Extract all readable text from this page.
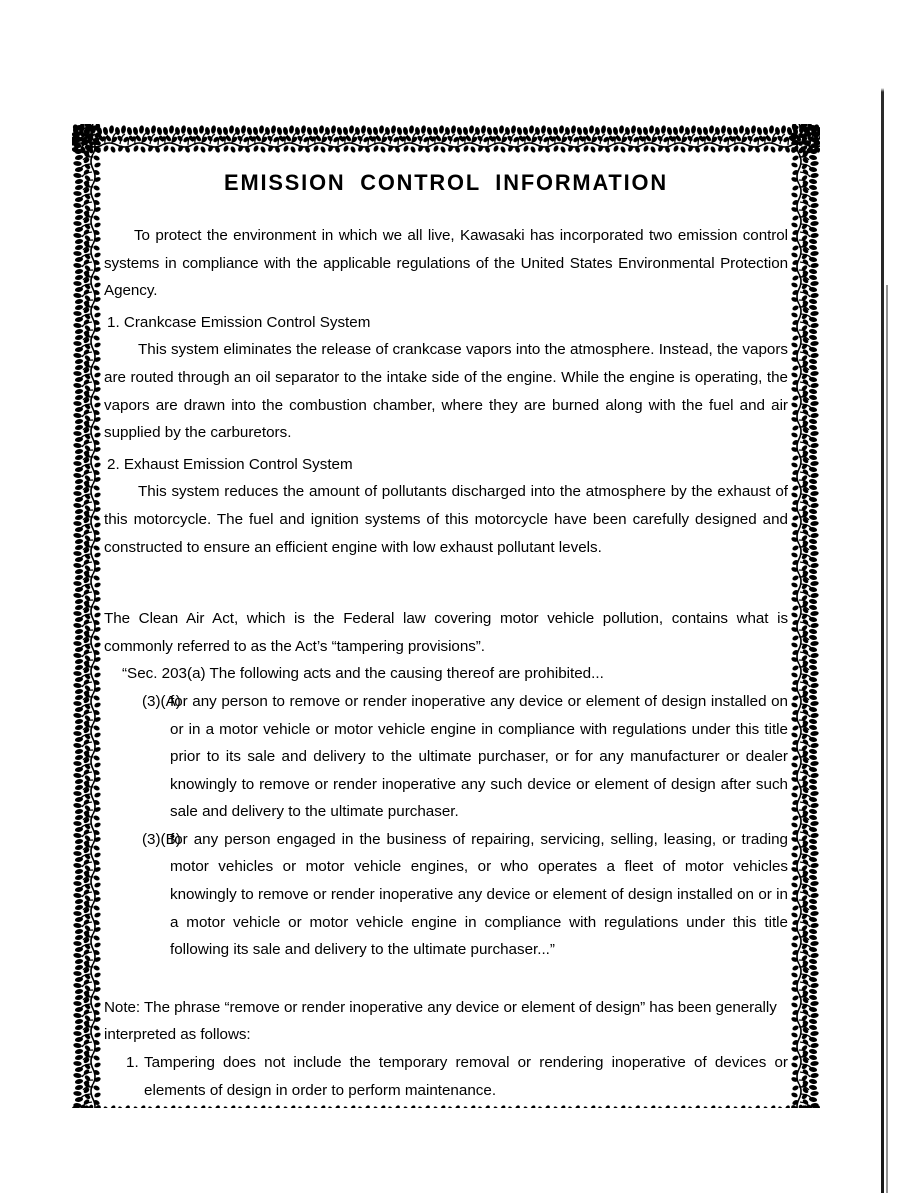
EMISSION CONTROL INFORMATION

To protect the environment in which we all live, Kawasaki has incorporated two emission control systems in compliance with the applicable regulations of the United States Environmental Protection Agency.

1. Crankcase Emission Control System

This system eliminates the release of crankcase vapors into the atmosphere. Instead, the vapors are routed through an oil separator to the intake side of the engine. While the engine is operating, the vapors are drawn into the combustion chamber, where they are burned along with the fuel and air supplied by the carburetors.

2. Exhaust Emission Control System

This system reduces the amount of pollutants discharged into the atmosphere by the exhaust of this motorcycle. The fuel and ignition systems of this motorcycle have been carefully designed and constructed to ensure an efficient engine with low exhaust pollutant levels.

The Clean Air Act, which is the Federal law covering motor vehicle pollution, contains what is commonly referred to as the Act’s “tampering provisions”.

“Sec. 203(a) The following acts and the causing thereof are prohibited...

(3)(A)
for any person to remove or render inoperative any device or element of design installed on or in a motor vehicle or motor vehicle engine in compliance with regulations under this title prior to its sale and delivery to the ultimate purchaser, or for any manufacturer or dealer knowingly to remove or render inoperative any such device or element of design after such sale and delivery to the ultimate purchaser.
(3)(B)
for any person engaged in the business of repairing, servicing, selling, leasing, or trading motor vehicles or motor vehicle engines, or who operates a fleet of motor vehicles knowingly to remove or render inoperative any device or element of design installed on or in a motor vehicle or motor vehicle engine in compliance with regulations under this title following its sale and delivery to the ultimate purchaser...”

Note: The phrase “remove or render inoperative any device or element of design” has been generally interpreted as follows:

1. Tampering does not include the temporary removal or rendering inoperative of devices or elements of design in order to perform maintenance.
